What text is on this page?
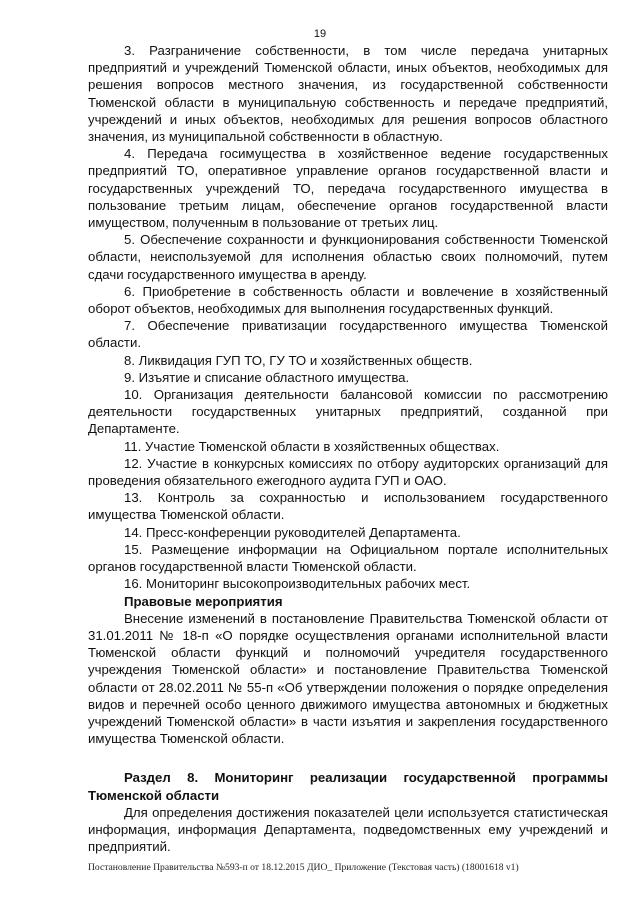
19

3. Разграничение собственности, в том числе передача унитарных предприятий и учреждений Тюменской области, иных объектов, необходимых для решения вопросов местного значения, из государственной собственности Тюменской области в муниципальную собственность и передаче предприятий, учреждений и иных объектов, необходимых для решения вопросов областного значения, из муниципальной собственности в областную.

4. Передача госимущества в хозяйственное ведение государственных предприятий ТО, оперативное управление органов государственной власти и государственных учреждений ТО, передача государственного имущества в пользование третьим лицам, обеспечение органов государственной власти имуществом, полученным в пользование от третьих лиц.

5. Обеспечение сохранности и функционирования собственности Тюменской области, неиспользуемой для исполнения областью своих полномочий, путем сдачи государственного имущества в аренду.

6. Приобретение в собственность области и вовлечение в хозяйственный оборот объектов, необходимых для выполнения государственных функций.

7. Обеспечение приватизации государственного имущества Тюменской области.

8. Ликвидация ГУП ТО, ГУ ТО и хозяйственных обществ.

9. Изъятие и списание областного имущества.

10. Организация деятельности балансовой комиссии по рассмотрению деятельности государственных унитарных предприятий, созданной при Департаменте.

11. Участие Тюменской области в хозяйственных обществах.

12. Участие в конкурсных комиссиях по отбору аудиторских организаций для проведения обязательного ежегодного аудита ГУП и ОАО.

13. Контроль за сохранностью и использованием государственного имущества Тюменской области.

14. Пресс-конференции руководителей Департамента.

15. Размещение информации на Официальном портале исполнительных органов государственной власти Тюменской области.

16. Мониторинг высокопроизводительных рабочих мест.

Правовые мероприятия

Внесение изменений в постановление Правительства Тюменской области от 31.01.2011 № 18-п «О порядке осуществления органами исполнительной власти Тюменской области функций и полномочий учредителя государственного учреждения Тюменской области» и постановление Правительства Тюменской области от 28.02.2011 № 55-п «Об утверждении положения о порядке определения видов и перечней особо ценного движимого имущества автономных и бюджетных учреждений Тюменской области» в части изъятия и закрепления государственного имущества Тюменской области.

Раздел 8. Мониторинг реализации государственной программы Тюменской области

Для определения достижения показателей цели используется статистическая информация, информация Департамента, подведомственных ему учреждений и предприятий.

Постановление Правительства №593-п от 18.12.2015 ДИО_ Приложение (Текстовая часть) (18001618 v1)
